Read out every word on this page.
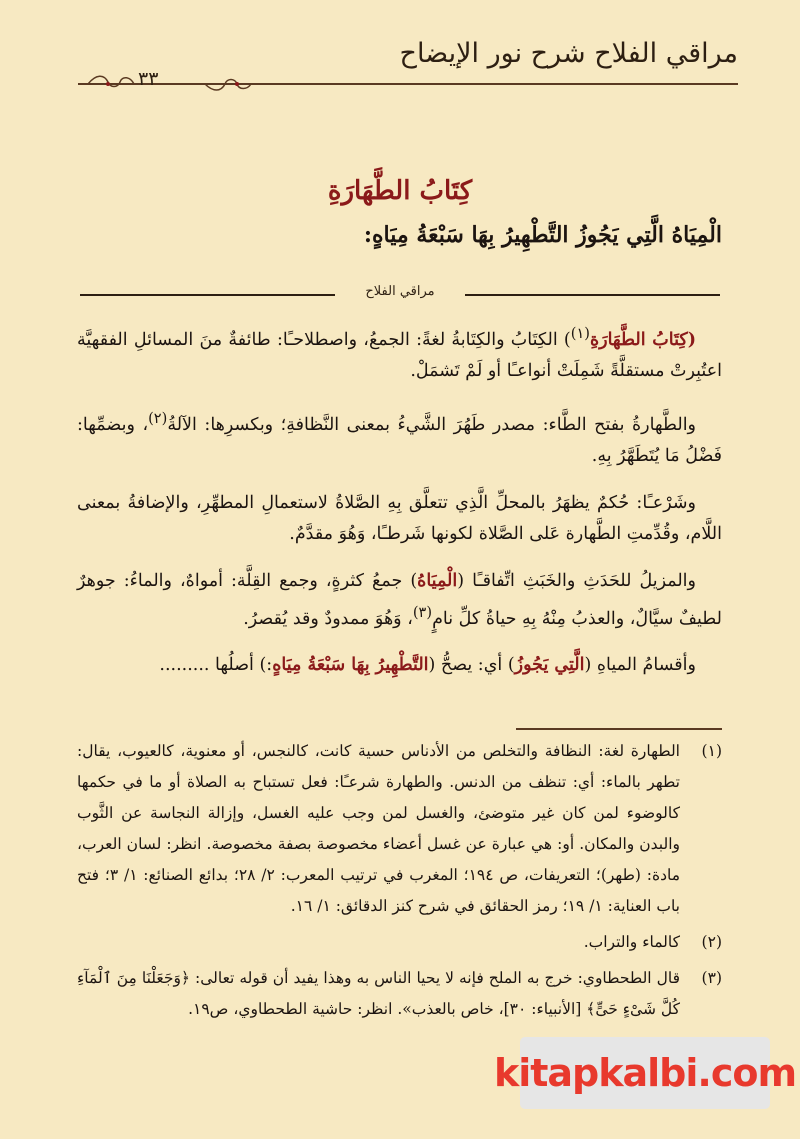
مراقي الفلاح شرح نور الإيضاح
٣٣
كِتَابُ الطَّهَارَةِ
الْمِيَاهُ الَّتِي يَجُوزُ التَّطْهِيرُ بِهَا سَبْعَةُ مِيَاهٍ:
مراقي الفلاح

(كِتَابُ الطَّهَارَةِ$^{(١)}$) الكِتَابُ والكِتَابةُ لغةً: الجمعُ، واصطلاحـًا: طائفةٌ منَ المسائلِ الفقهيَّة اعتُبِرتْ مستقلَّةً شَمِلَتْ أنواعـًا أو لَمْ تَشمَلْ.

والطَّهارةُ بفتح الطَّاء: مصدر طَهُرَ الشَّيءُ بمعنى النَّظافةِ؛ وبكسرِها: الآلةُ$^{(٢)}$، وبضمِّها: فَضْلُ مَا يُتَطَهَّرُ بِهِ.

وشَرْعـًا: حُكمٌ يظهَرُ بالمحلِّ الَّذِي تتعلَّق بِهِ الصَّلاةُ لاستعمالِ المطهِّرِ، والإضافةُ بمعنى اللَّام، وقُدِّمتِ الطَّهارة عَلى الصَّلاة لكونها شَرطـًا، وَهُوَ مقدَّمٌ.

والمزيلُ للحَدَثِ والخَبَثِ اتِّفاقـًا (الْمِيَاهُ) جمعُ كثرةٍ، وجمع القِلَّة: أمواهٌ، والماءُ: جوهرٌ لطيفٌ سيَّالٌ، والعذبُ مِنْهُ بِهِ حياةُ كلِّ نامٍ$^{(٣)}$، وَهُوَ ممدودٌ وقد يُقصرُ.

وأقسامُ المياهِ (الَّتِي يَجُوزُ) أي: يصحُّ (التَّطْهِيرُ بِهَا سَبْعَةُ مِيَاهٍ:) أصلُها .........

(١)
الطهارة لغة: النظافة والتخلص من الأدناس حسية كانت، كالنجس، أو معنوية، كالعيوب، يقال: تطهر بالماء: أي: تنظف من الدنس. والطهارة شرعـًا: فعل تستباح به الصلاة أو ما في حكمها كالوضوء لمن كان غير متوضئ، والغسل لمن وجب عليه الغسل، وإزالة النجاسة عن الثَّوب والبدن والمكان. أو: هي عبارة عن غسل أعضاء مخصوصة بصفة مخصوصة. انظر: لسان العرب، مادة: (طهر)؛ التعريفات، ص ١٩٤؛ المغرب في ترتيب المعرب: ٢/ ٢٨؛ بدائع الصنائع: ١/ ٣؛ فتح باب العناية: ١/ ١٩؛ رمز الحقائق في شرح كنز الدقائق: ١/ ١٦.
(٢)
كالماء والتراب.
(٣)
قال الطحطاوي: خرج به الملح فإنه لا يحيا الناس به وهذا يفيد أن قوله تعالى: ﴿وَجَعَلْنَا مِنَ ٱلْمَآءِ كُلَّ شَىْءٍ حَىٍّ﴾ [الأنبياء: ٣٠]، خاص بالعذب». انظر: حاشية الطحطاوي، ص١٩.
kitapkalbi.com
